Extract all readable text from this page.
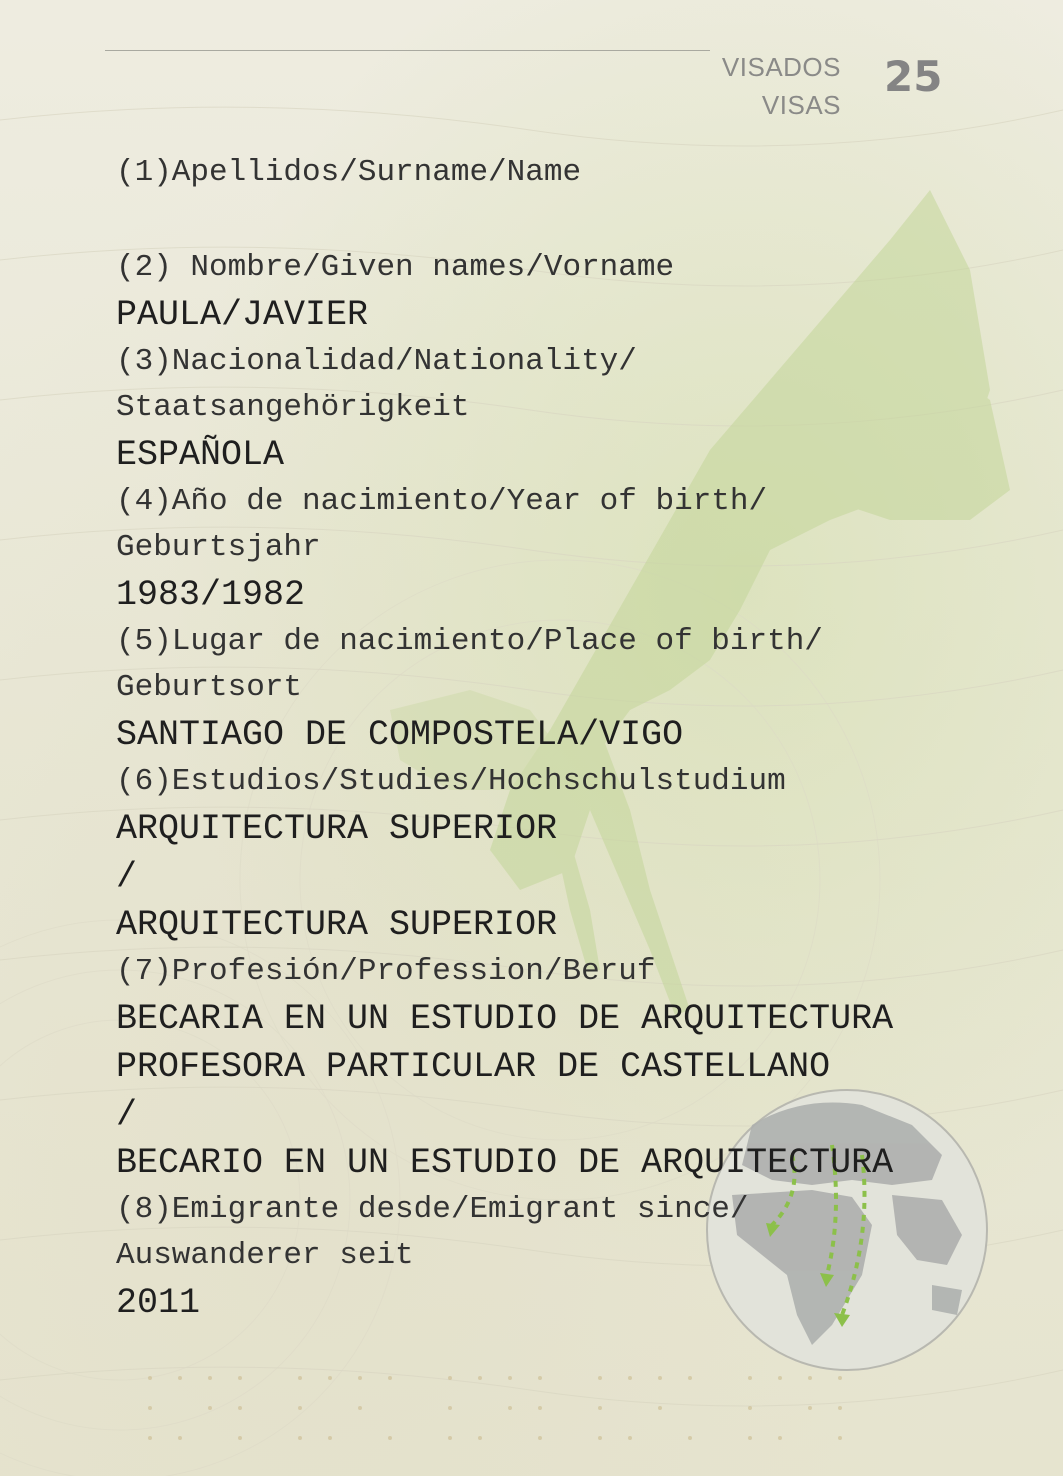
VISADOS
VISAS
25
(1)Apellidos/Surname/Name
(2) Nombre/Given names/Vorname
PAULA/JAVIER
(3)Nacionalidad/Nationality/
Staatsangehörigkeit
ESPAÑOLA
(4)Año de nacimiento/Year of birth/
Geburtsjahr
1983/1982
(5)Lugar de nacimiento/Place of birth/
Geburtsort
SANTIAGO DE COMPOSTELA/VIGO
(6)Estudios/Studies/Hochschulstudium
ARQUITECTURA SUPERIOR
/
ARQUITECTURA SUPERIOR
(7)Profesión/Profession/Beruf
BECARIA EN UN ESTUDIO DE ARQUITECTURA
PROFESORA PARTICULAR DE CASTELLANO
/
BECARIO EN UN ESTUDIO DE ARQUITECTURA
(8)Emigrante desde/Emigrant since/
Auswanderer seit
2011
